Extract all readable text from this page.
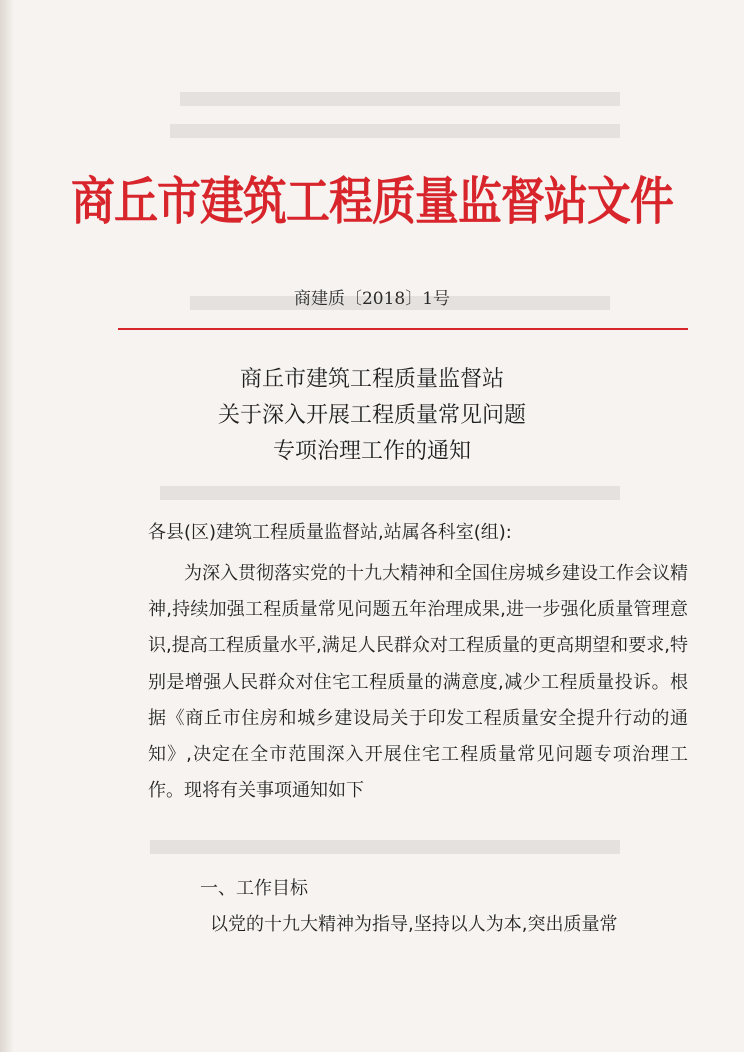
商丘市建筑工程质量监督站文件
商建质〔2018〕1号
商丘市建筑工程质量监督站
关于深入开展工程质量常见问题
专项治理工作的通知
各县(区)建筑工程质量监督站,站属各科室(组):
为深入贯彻落实党的十九大精神和全国住房城乡建设工作会议精神,持续加强工程质量常见问题五年治理成果,进一步强化质量管理意识,提高工程质量水平,满足人民群众对工程质量的更高期望和要求,特别是增强人民群众对住宅工程质量的满意度,减少工程质量投诉。根据《商丘市住房和城乡建设局关于印发工程质量安全提升行动的通知》,决定在全市范围深入开展住宅工程质量常见问题专项治理工作。现将有关事项通知如下
一、工作目标
以党的十九大精神为指导,坚持以人为本,突出质量常
